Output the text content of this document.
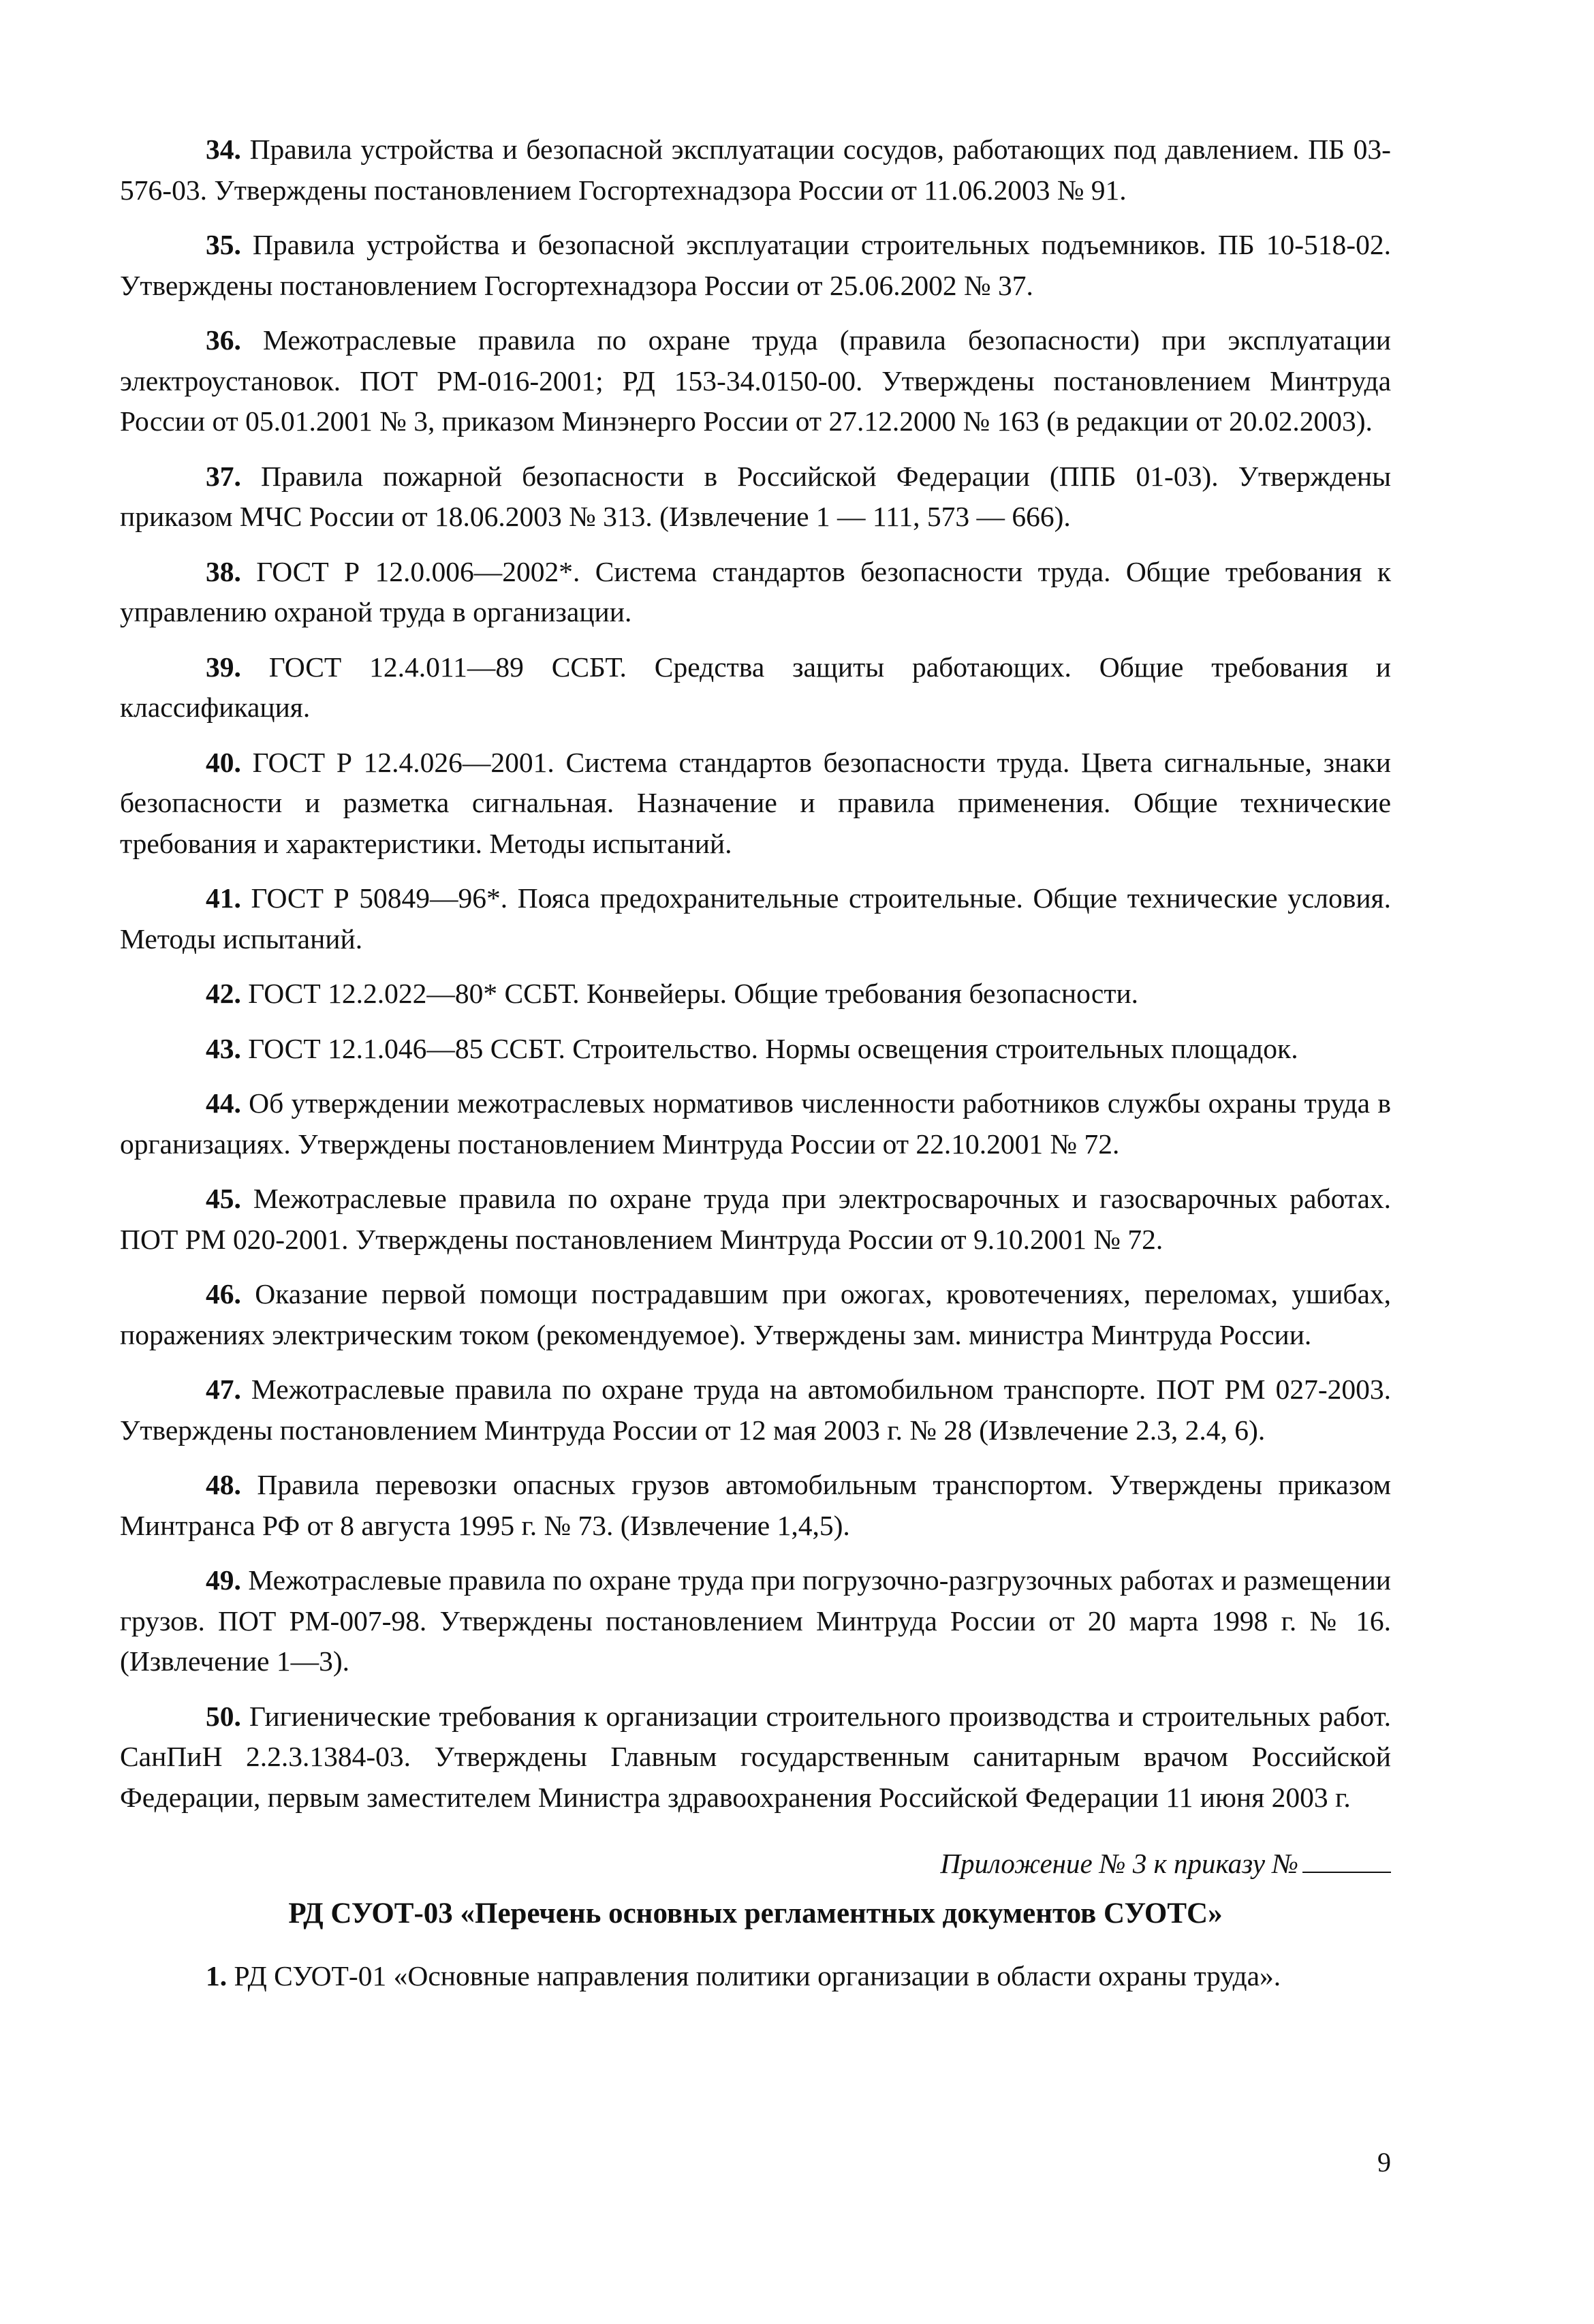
34. Правила устройства и безопасной эксплуатации сосудов, работающих под давлением. ПБ 03-576-03. Утверждены постановлением Госгортехнадзора России от 11.06.2003 № 91.

35. Правила устройства и безопасной эксплуатации строительных подъемников. ПБ 10-518-02. Утверждены постановлением Госгортехнадзора России от 25.06.2002 № 37.

36. Межотраслевые правила по охране труда (правила безопасности) при эксплуатации электроустановок. ПОТ РМ-016-2001; РД 153-34.0150-00. Утверждены постановлением Минтруда России от 05.01.2001 № 3, приказом Минэнерго России от 27.12.2000 № 163 (в редакции от 20.02.2003).

37. Правила пожарной безопасности в Российской Федерации (ППБ 01-03). Утверждены приказом МЧС России от 18.06.2003 № 313. (Извлечение 1 — 111, 573 — 666).

38. ГОСТ Р 12.0.006—2002*. Система стандартов безопасности труда. Общие требования к управлению охраной труда в организации.

39. ГОСТ 12.4.011—89 ССБТ. Средства защиты работающих. Общие требования и классификация.

40. ГОСТ Р 12.4.026—2001. Система стандартов безопасности труда. Цвета сигнальные, знаки безопасности и разметка сигнальная. Назначение и правила применения. Общие технические требования и характеристики. Методы испытаний.

41. ГОСТ Р 50849—96*. Пояса предохранительные строительные. Общие технические условия. Методы испытаний.

42. ГОСТ 12.2.022—80* ССБТ. Конвейеры. Общие требования безопасности.

43. ГОСТ 12.1.046—85 ССБТ. Строительство. Нормы освещения строительных площадок.

44. Об утверждении межотраслевых нормативов численности работников службы охраны труда в организациях. Утверждены постановлением Минтруда России от 22.10.2001 № 72.

45. Межотраслевые правила по охране труда при электросварочных и газосварочных работах. ПОТ РМ 020-2001. Утверждены постановлением Минтруда России от 9.10.2001 № 72.

46. Оказание первой помощи пострадавшим при ожогах, кровотечениях, переломах, ушибах, поражениях электрическим током (рекомендуемое). Утверждены зам. министра Минтруда России.

47. Межотраслевые правила по охране труда на автомобильном транспорте. ПОТ РМ 027-2003. Утверждены постановлением Минтруда России от 12 мая 2003 г. № 28 (Извлечение 2.3, 2.4, 6).

48. Правила перевозки опасных грузов автомобильным транспортом. Утверждены приказом Минтранса РФ от 8 августа 1995 г. № 73. (Извлечение 1,4,5).

49. Межотраслевые правила по охране труда при погрузочно-разгрузочных работах и размещении грузов. ПОТ РМ-007-98. Утверждены постановлением Минтруда России от 20 марта 1998 г. № 16. (Извлечение 1—3).

50. Гигиенические требования к организации строительного производства и строительных работ. СанПиН 2.2.3.1384-03. Утверждены Главным государственным санитарным врачом Российской Федерации, первым заместителем Министра здравоохранения Российской Федерации 11 июня 2003 г.

Приложение № 3 к приказу №
РД СУОТ-03 «Перечень основных регламентных документов СУОТС»

1. РД СУОТ-01 «Основные направления политики организации в области охраны труда».

9
